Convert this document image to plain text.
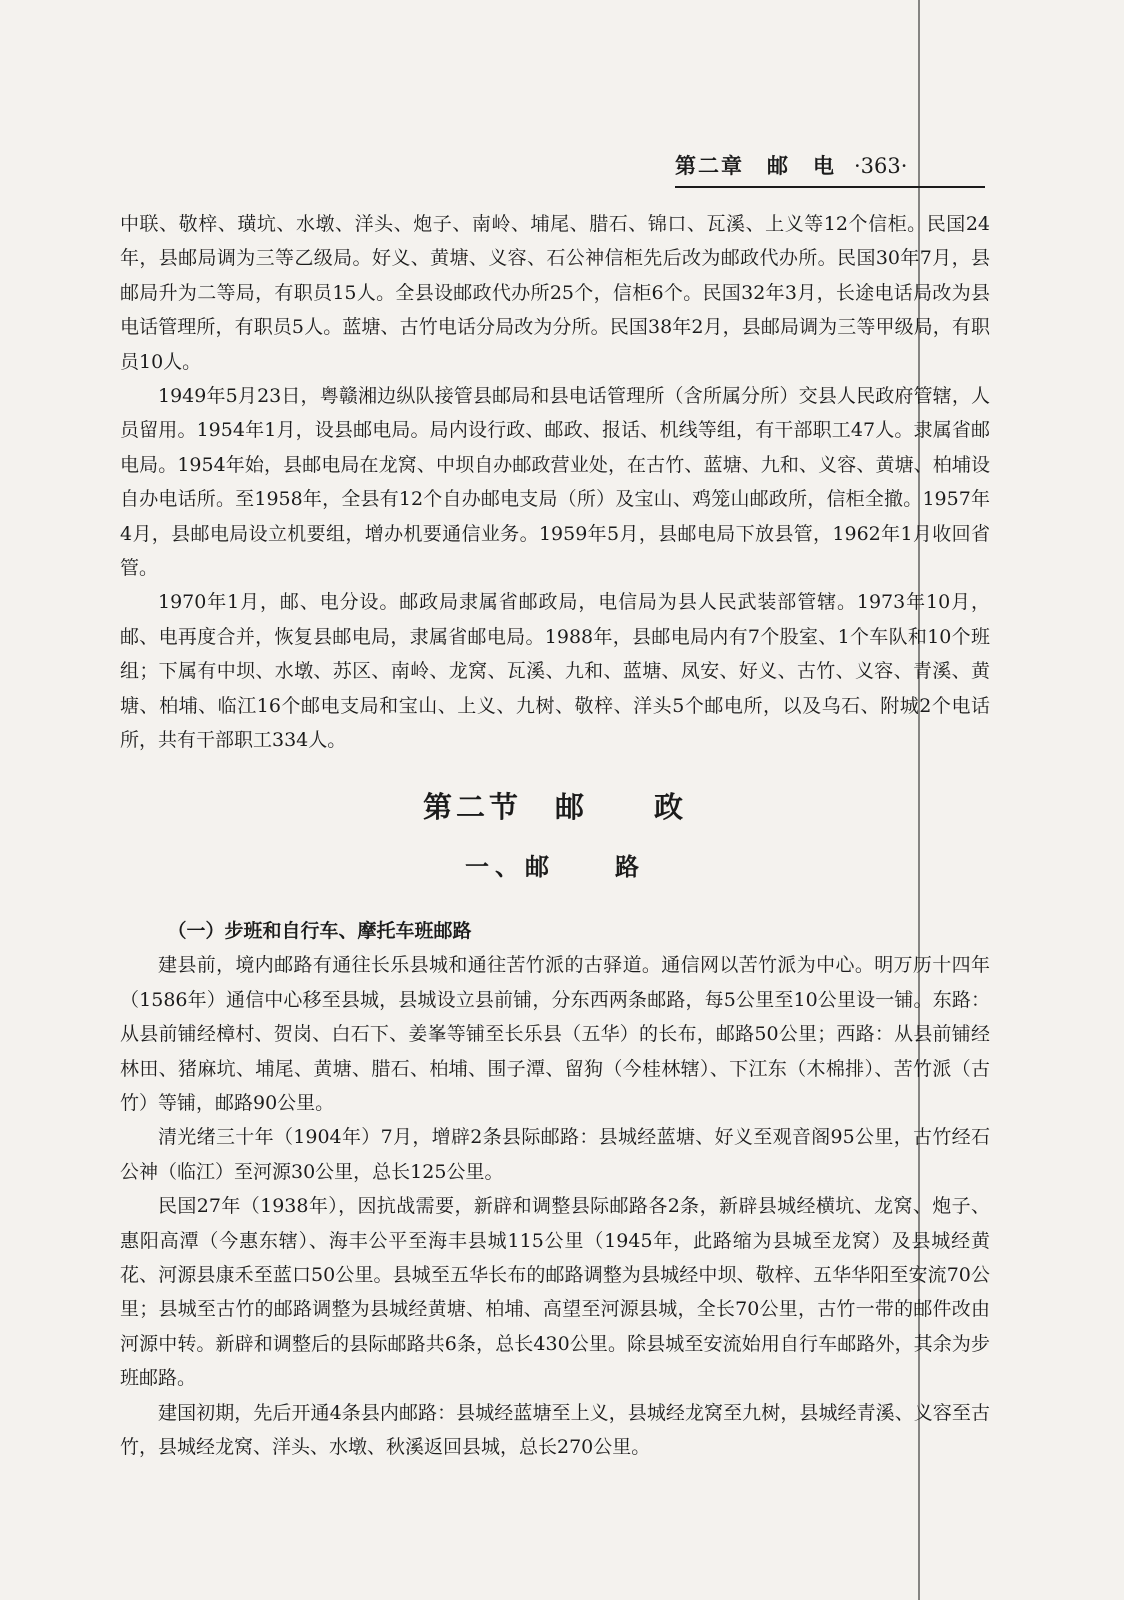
第二章　邮　电 ·363·

中联、敬梓、璜坑、水墩、洋头、炮子、南岭、埔尾、腊石、锦口、瓦溪、上义等12个信柜。民国24年，县邮局调为三等乙级局。好义、黄塘、义容、石公神信柜先后改为邮政代办所。民国30年7月，县邮局升为二等局，有职员15人。全县设邮政代办所25个，信柜6个。民国32年3月，长途电话局改为县电话管理所，有职员5人。蓝塘、古竹电话分局改为分所。民国38年2月，县邮局调为三等甲级局，有职员10人。

1949年5月23日，粤赣湘边纵队接管县邮局和县电话管理所（含所属分所）交县人民政府管辖，人员留用。1954年1月，设县邮电局。局内设行政、邮政、报话、机线等组，有干部职工47人。隶属省邮电局。1954年始，县邮电局在龙窝、中坝自办邮政营业处，在古竹、蓝塘、九和、义容、黄塘、柏埔设自办电话所。至1958年，全县有12个自办邮电支局（所）及宝山、鸡笼山邮政所，信柜全撤。1957年4月，县邮电局设立机要组，增办机要通信业务。1959年5月，县邮电局下放县管，1962年1月收回省管。

1970年1月，邮、电分设。邮政局隶属省邮政局，电信局为县人民武装部管辖。1973年10月，邮、电再度合并，恢复县邮电局，隶属省邮电局。1988年，县邮电局内有7个股室、1个车队和10个班组；下属有中坝、水墩、苏区、南岭、龙窝、瓦溪、九和、蓝塘、凤安、好义、古竹、义容、青溪、黄塘、柏埔、临江16个邮电支局和宝山、上义、九树、敬梓、洋头5个邮电所，以及乌石、附城2个电话所，共有干部职工334人。

第二节　邮　　政
一、邮　　路

（一）步班和自行车、摩托车班邮路

建县前，境内邮路有通往长乐县城和通往苦竹派的古驿道。通信网以苦竹派为中心。明万历十四年（1586年）通信中心移至县城，县城设立县前铺，分东西两条邮路，每5公里至10公里设一铺。东路：从县前铺经樟村、贺岗、白石下、姜峯等铺至长乐县（五华）的长布，邮路50公里；西路：从县前铺经林田、猪麻坑、埔尾、黄塘、腊石、柏埔、围子潭、留狗（今桂林辖）、下江东（木棉排）、苦竹派（古竹）等铺，邮路90公里。

清光绪三十年（1904年）7月，增辟2条县际邮路：县城经蓝塘、好义至观音阁95公里，古竹经石公神（临江）至河源30公里，总长125公里。

民国27年（1938年），因抗战需要，新辟和调整县际邮路各2条，新辟县城经横坑、龙窝、炮子、惠阳高潭（今惠东辖）、海丰公平至海丰县城115公里（1945年，此路缩为县城至龙窝）及县城经黄花、河源县康禾至蓝口50公里。县城至五华长布的邮路调整为县城经中坝、敬梓、五华华阳至安流70公里；县城至古竹的邮路调整为县城经黄塘、柏埔、高望至河源县城，全长70公里，古竹一带的邮件改由河源中转。新辟和调整后的县际邮路共6条，总长430公里。除县城至安流始用自行车邮路外，其余为步班邮路。

建国初期，先后开通4条县内邮路：县城经蓝塘至上义，县城经龙窝至九树，县城经青溪、义容至古竹，县城经龙窝、洋头、水墩、秋溪返回县城，总长270公里。
